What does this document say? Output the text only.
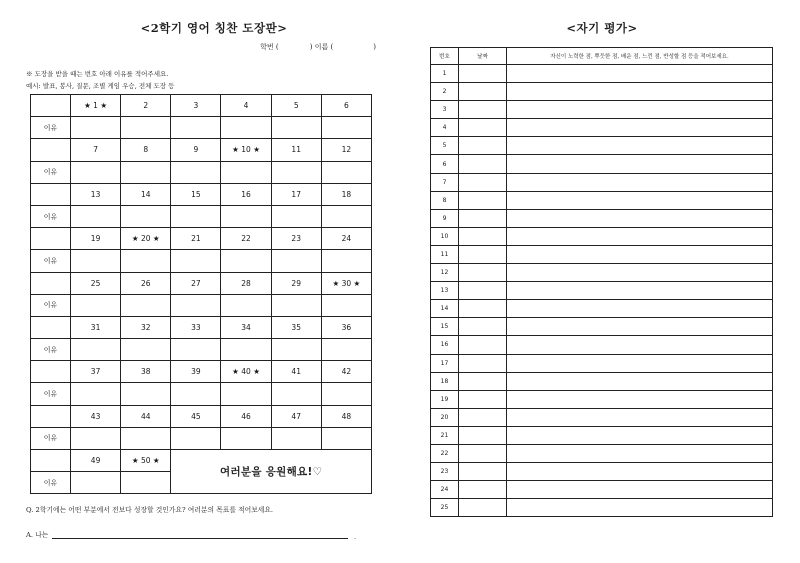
<2학기 영어 칭찬 도장판>
학번 (              ) 이름 (                  )
※ 도장을 받을 때는 번호 아래 이유를 적어주세요.
예시: 발표, 봉사, 질문, 조별 게임 우승, 전체 도장 등
	★ 1 ★	2	3	4	5	6
이유						
	7	8	9	★ 10 ★	11	12
이유						
	13	14	15	16	17	18
이유						
	19	★ 20 ★	21	22	23	24
이유						
	25	26	27	28	29	★ 30 ★
이유						
	31	32	33	34	35	36
이유						
	37	38	39	★ 40 ★	41	42
이유						
	43	44	45	46	47	48
이유						
	49	★ 50 ★	여러분을 응원해요!♡			
이유						
Q. 2학기에는 어떤 부분에서 전보다 성장할 것인가요? 여러분의 목표를 적어보세요.
A. 나는	.
<자기 평가>
번호	날짜	자신이 노력한 점, 뿌듯한 점, 배운 점, 느낀 점, 반성할 점 등을 적어보세요.
1		
2		
3		
4		
5		
6		
7		
8		
9		
10		
11		
12		
13		
14		
15		
16		
17		
18		
19		
20		
21		
22		
23		
24		
25		
